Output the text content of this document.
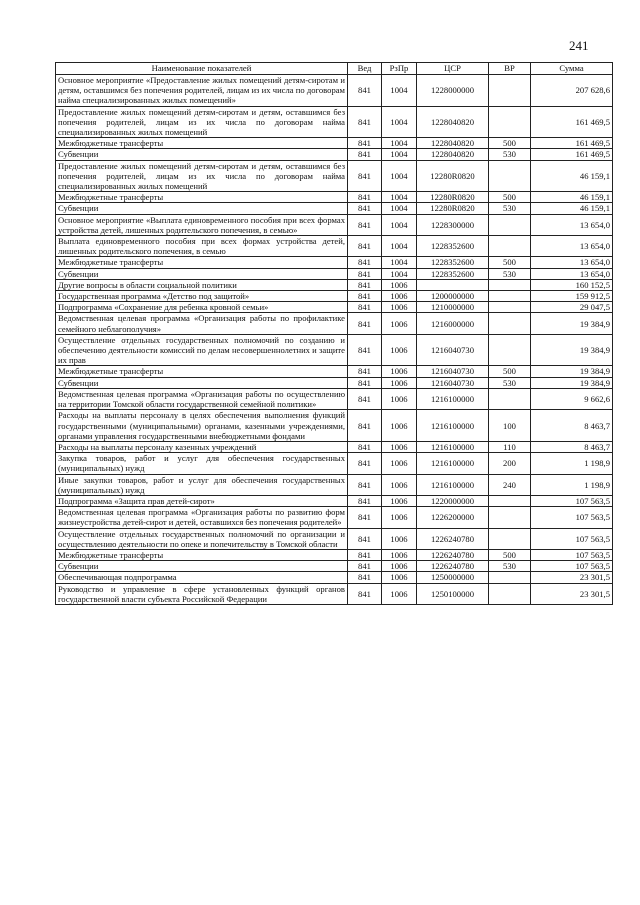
241
Наименование показателей	Вед	РзПр	ЦСР	ВР	Сумма
Основное мероприятие «Предоставление жилых помещений детям-сиротам и детям, оставшимся без попечения родителей, лицам из их числа по договорам найма специализированных жилых помещений»	841	1004	1228000000		207 628,6
Предоставление жилых помещений детям-сиротам и детям, оставшимся без попечения родителей, лицам из их числа по договорам найма специализированных жилых помещений	841	1004	1228040820		161 469,5
Межбюджетные трансферты	841	1004	1228040820	500	161 469,5
Субвенции	841	1004	1228040820	530	161 469,5
Предоставление жилых помещений детям-сиротам и детям, оставшимся без попечения родителей, лицам из их числа по договорам найма специализированных жилых помещений	841	1004	12280R0820		46 159,1
Межбюджетные трансферты	841	1004	12280R0820	500	46 159,1
Субвенции	841	1004	12280R0820	530	46 159,1
Основное мероприятие «Выплата единовременного пособия при всех формах устройства детей, лишенных родительского попечения, в семью»	841	1004	1228300000		13 654,0
Выплата единовременного пособия при всех формах устройства детей, лишенных родительского попечения, в семью	841	1004	1228352600		13 654,0
Межбюджетные трансферты	841	1004	1228352600	500	13 654,0
Субвенции	841	1004	1228352600	530	13 654,0
Другие вопросы в области социальной политики	841	1006			160 152,5
Государственная программа «Детство под защитой»	841	1006	1200000000		159 912,5
Подпрограмма «Сохранение для ребенка кровной семьи»	841	1006	1210000000		29 047,5
Ведомственная целевая программа «Организация работы по профилактике семейного неблагополучия»	841	1006	1216000000		19 384,9
Осуществление отдельных государственных полномочий по созданию и обеспечению деятельности комиссий по делам несовершеннолетних и защите их прав	841	1006	1216040730		19 384,9
Межбюджетные трансферты	841	1006	1216040730	500	19 384,9
Субвенции	841	1006	1216040730	530	19 384,9
Ведомственная целевая программа «Организация работы по осуществлению на территории Томской области государственной семейной политики»	841	1006	1216100000		9 662,6
Расходы на выплаты персоналу в целях обеспечения выполнения функций государственными (муниципальными) органами, казенными учреждениями, органами управления государственными внебюджетными фондами	841	1006	1216100000	100	8 463,7
Расходы на выплаты персоналу казенных учреждений	841	1006	1216100000	110	8 463,7
Закупка товаров, работ и услуг для обеспечения государственных (муниципальных) нужд	841	1006	1216100000	200	1 198,9
Иные закупки товаров, работ и услуг для обеспечения государственных (муниципальных) нужд	841	1006	1216100000	240	1 198,9
Подпрограмма «Защита прав детей-сирот»	841	1006	1220000000		107 563,5
Ведомственная целевая программа «Организация работы по развитию форм жизнеустройства детей-сирот и детей, оставшихся без попечения родителей»	841	1006	1226200000		107 563,5
Осуществление отдельных государственных полномочий по организации и осуществлению деятельности по опеке и попечительству в Томской области	841	1006	1226240780		107 563,5
Межбюджетные трансферты	841	1006	1226240780	500	107 563,5
Субвенции	841	1006	1226240780	530	107 563,5
Обеспечивающая подпрограмма	841	1006	1250000000		23 301,5
Руководство и управление в сфере установленных функций органов государственной власти субъекта Российской Федерации	841	1006	1250100000		23 301,5
